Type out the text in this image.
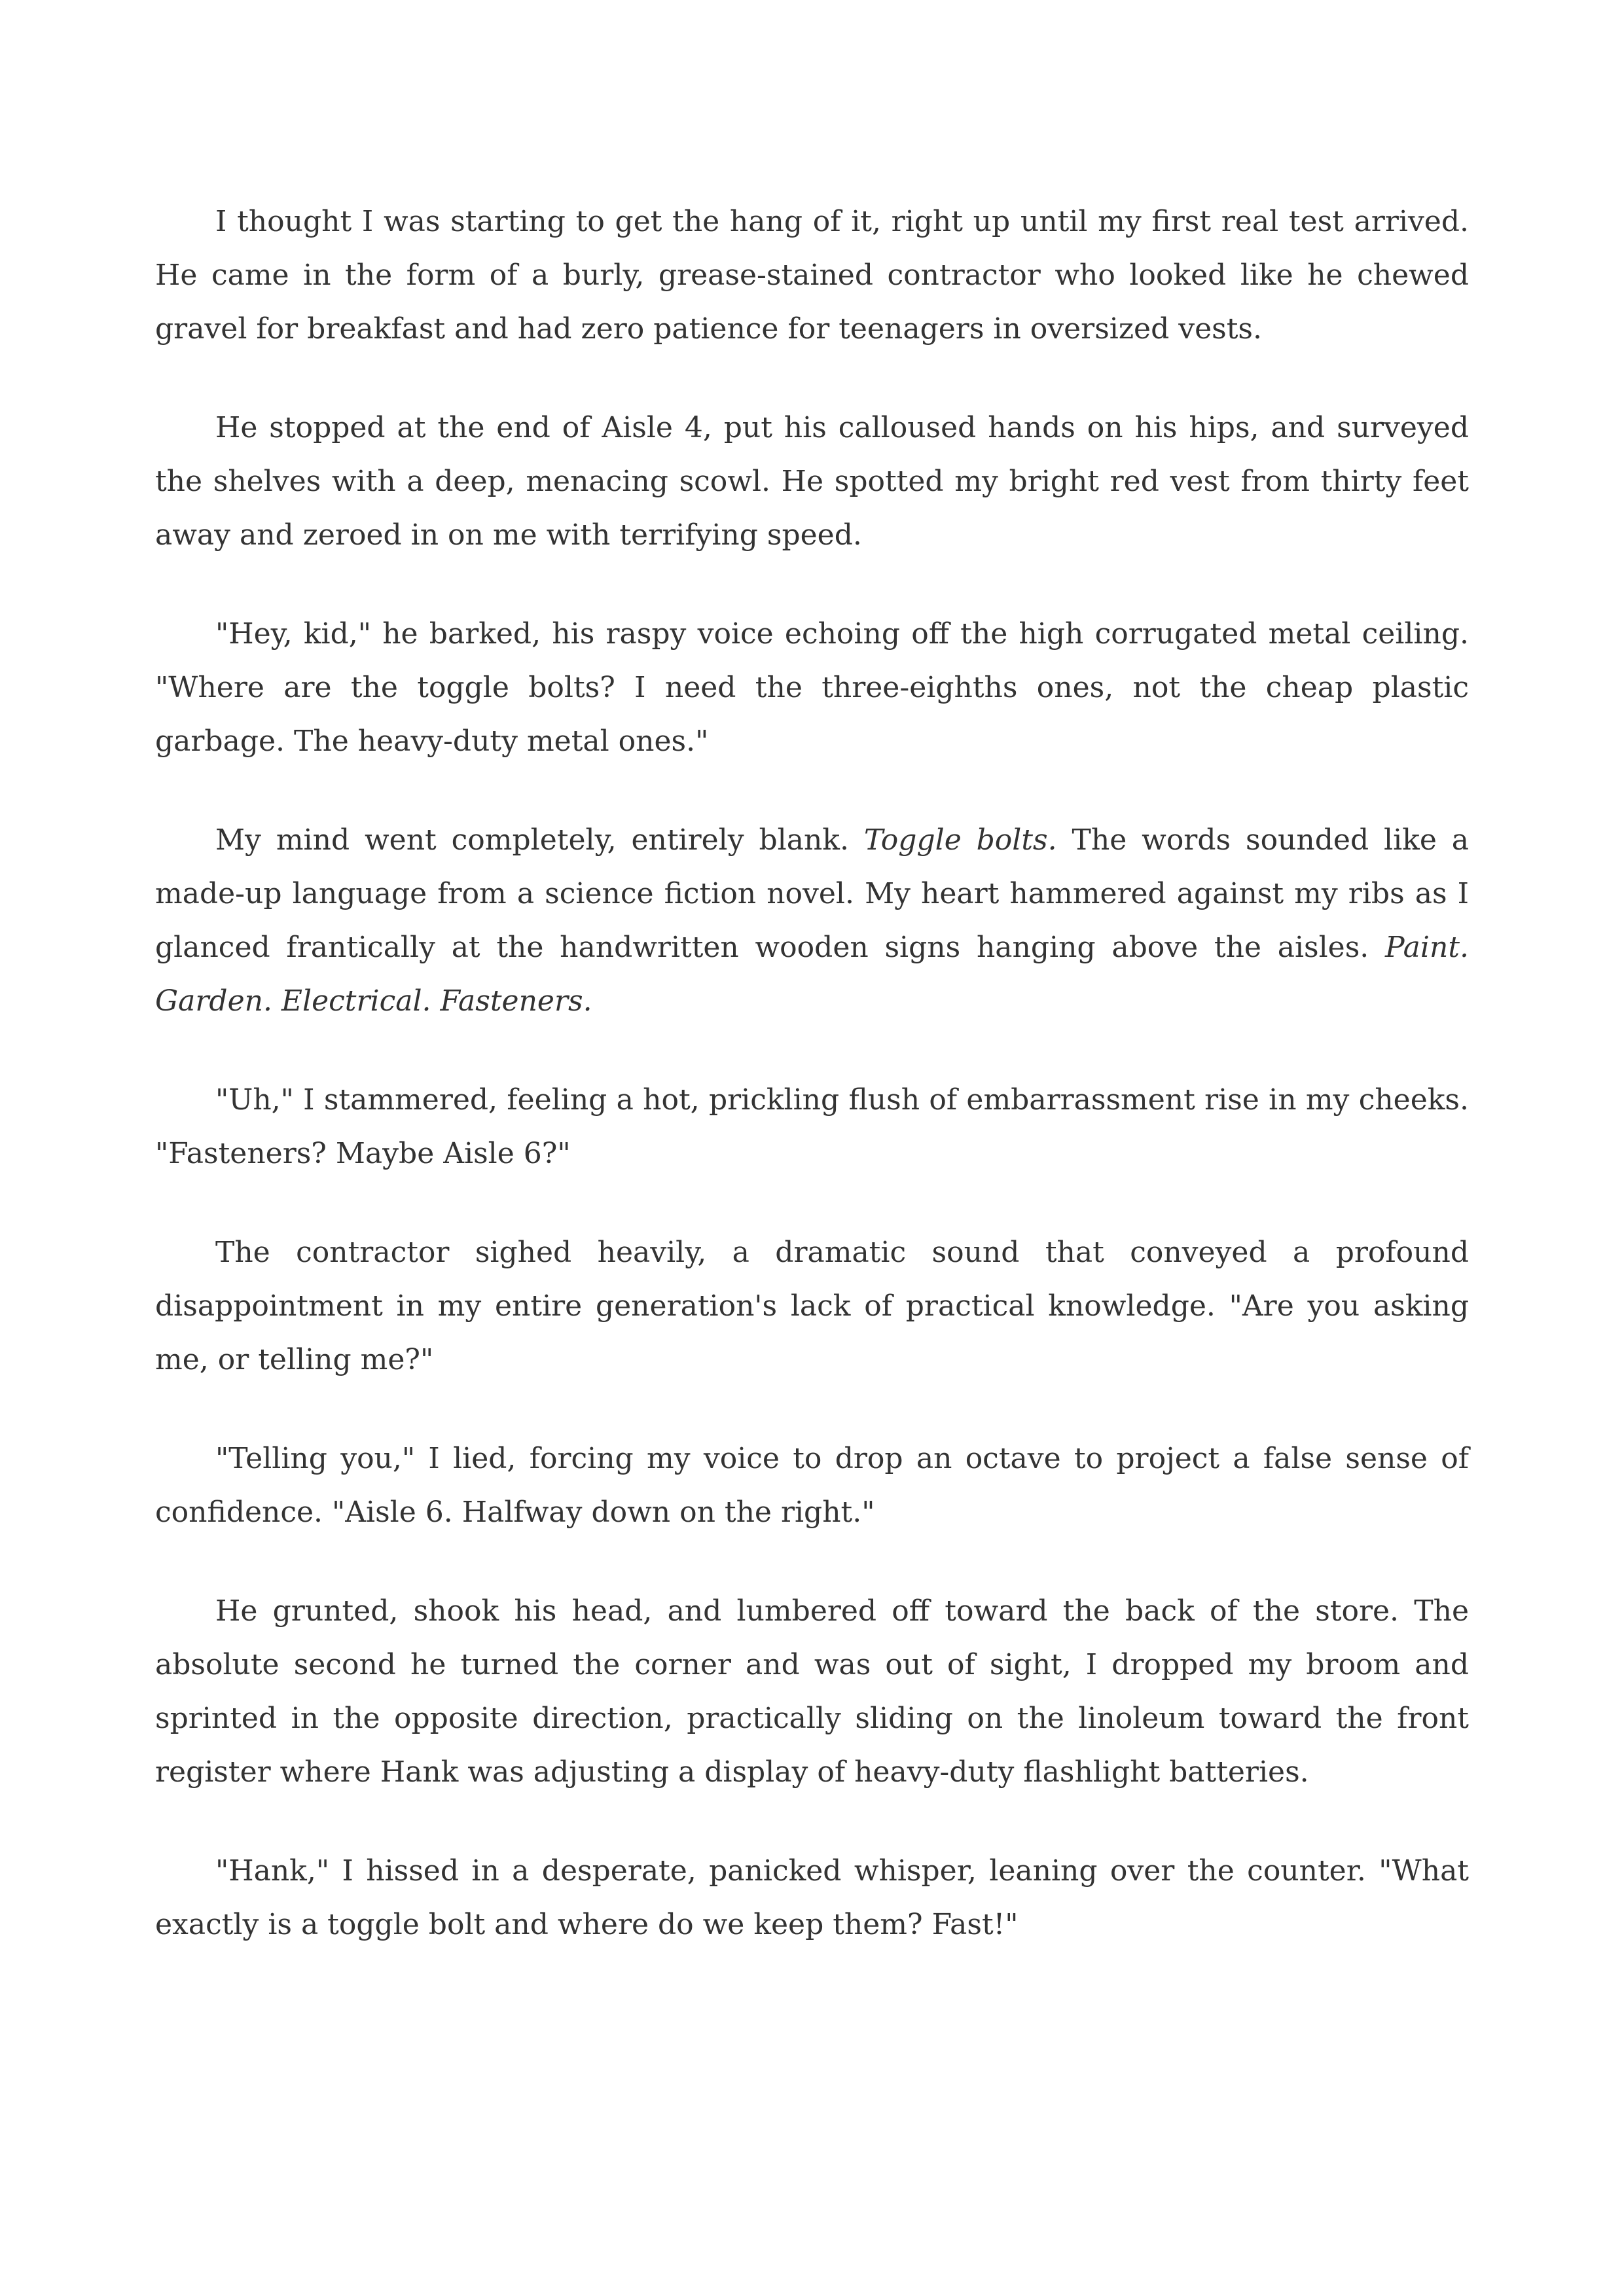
I thought I was starting to get the hang of it, right up until my first real test arrived. He came in the form of a burly, grease-stained contractor who looked like he chewed gravel for breakfast and had zero patience for teenagers in oversized vests.

He stopped at the end of Aisle 4, put his calloused hands on his hips, and surveyed the shelves with a deep, menacing scowl. He spotted my bright red vest from thirty feet away and zeroed in on me with terrifying speed.

"Hey, kid," he barked, his raspy voice echoing off the high corrugated metal ceiling. "Where are the toggle bolts? I need the three-eighths ones, not the cheap plastic garbage. The heavy-duty metal ones."

My mind went completely, entirely blank. Toggle bolts. The words sounded like a made-up language from a science fiction novel. My heart hammered against my ribs as I glanced frantically at the handwritten wooden signs hanging above the aisles. Paint. Garden. Electrical. Fasteners.

"Uh," I stammered, feeling a hot, prickling flush of embarrassment rise in my cheeks. "Fasteners? Maybe Aisle 6?"

The contractor sighed heavily, a dramatic sound that conveyed a profound disappointment in my entire generation's lack of practical knowledge. "Are you asking me, or telling me?"

"Telling you," I lied, forcing my voice to drop an octave to project a false sense of confidence. "Aisle 6. Halfway down on the right."

He grunted, shook his head, and lumbered off toward the back of the store. The absolute second he turned the corner and was out of sight, I dropped my broom and sprinted in the opposite direction, practically sliding on the linoleum toward the front register where Hank was adjusting a display of heavy-duty flashlight batteries.

"Hank," I hissed in a desperate, panicked whisper, leaning over the counter. "What exactly is a toggle bolt and where do we keep them? Fast!"
